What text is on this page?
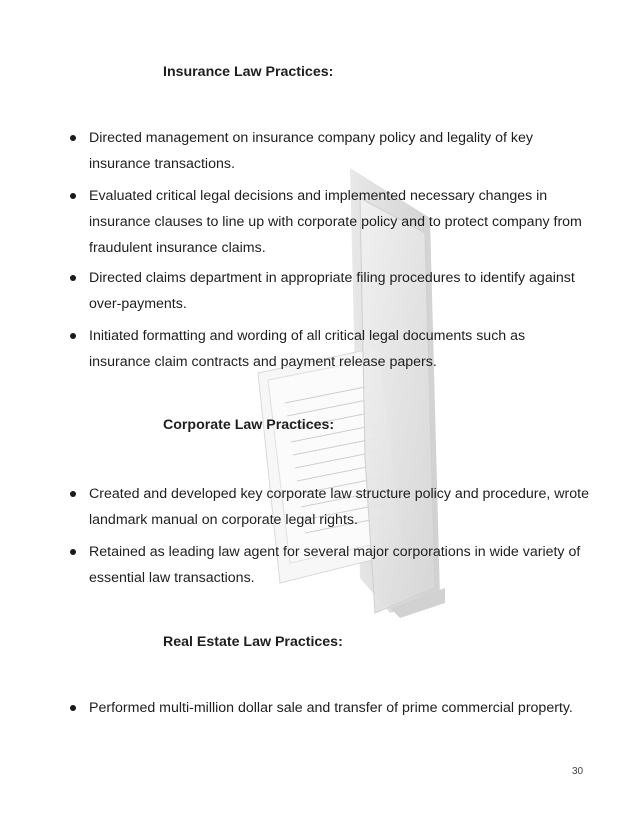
Insurance Law Practices:
Directed management on insurance company policy and legality of key insurance transactions.
Evaluated critical legal decisions and implemented necessary changes in insurance clauses to line up with corporate policy and to protect company from fraudulent insurance claims.
Directed claims department in appropriate filing procedures to identify against over-payments.
Initiated formatting and wording of all critical legal documents such as insurance claim contracts and payment release papers.
Corporate Law Practices:
Created and developed key corporate law structure policy and procedure, wrote landmark manual on corporate legal rights.
Retained as leading law agent for several major corporations in wide variety of essential law transactions.
Real Estate Law Practices:
Performed multi-million dollar sale and transfer of prime commercial property.
30
